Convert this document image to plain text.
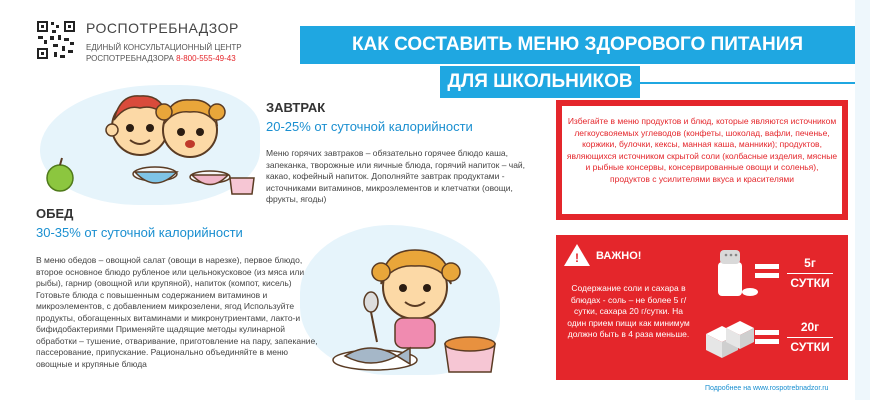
РОСПОТРЕБНАДЗОР
ЕДИНЫЙ КОНСУЛЬТАЦИОННЫЙ ЦЕНТР
РОСПОТРЕБНАДЗОРА 8-800-555-49-43
КАК СОСТАВИТЬ МЕНЮ ЗДОРОВОГО ПИТАНИЯ
ДЛЯ ШКОЛЬНИКОВ
ЗАВТРАК
20-25% от суточной калорийности
Меню горячих завтраков – обязательно горячее блюдо каша, запеканка, творожные или яичные блюда, горячий напиток – чай, какао, кофейный напиток. Дополняйте завтрак продуктами - источниками витаминов, микроэлементов и клетчатки (овощи, фрукты, ягоды)
ОБЕД
30-35% от суточной калорийности
В меню обедов – овощной салат (овощи в нарезке), первое блюдо, второе основное блюдо рубленое или цельнокусковое (из мяса или рыбы), гарнир (овощной или крупяной), напиток (компот, кисель) Готовьте блюда с повышенным содержанием витаминов и микроэлементов, с добавлением микрозелени, ягод Используйте продукты, обогащенных витаминами и микронутриентами, лакто-и бифидобактериями Применяйте щадящие методы кулинарной обработки – тушение, отваривание, приготовление на пару, запекание, пассерование, припускание. Рационально объединяйте в меню овощные и крупяные блюда
Избегайте в меню продуктов и блюд, которые являются источником легкоусвояемых углеводов (конфеты, шоколад, вафли, печенье, коржики, булочки, кексы, манная каша, манники); продуктов, являющихся источником скрытой соли (колбасные изделия, мясные и рыбные консервы, консервированные овощи и соленья), продуктов с усилителями вкуса и красителями
! ВАЖНО!
Содержание соли и сахара в блюдах - соль – не более 5 г/сутки, сахара 20 г/сутки. На один прием пищи как минимум должно быть в 4 раза меньше.
5г
СУТКИ
20г
СУТКИ
Подробнее на www.rospotrebnadzor.ru
